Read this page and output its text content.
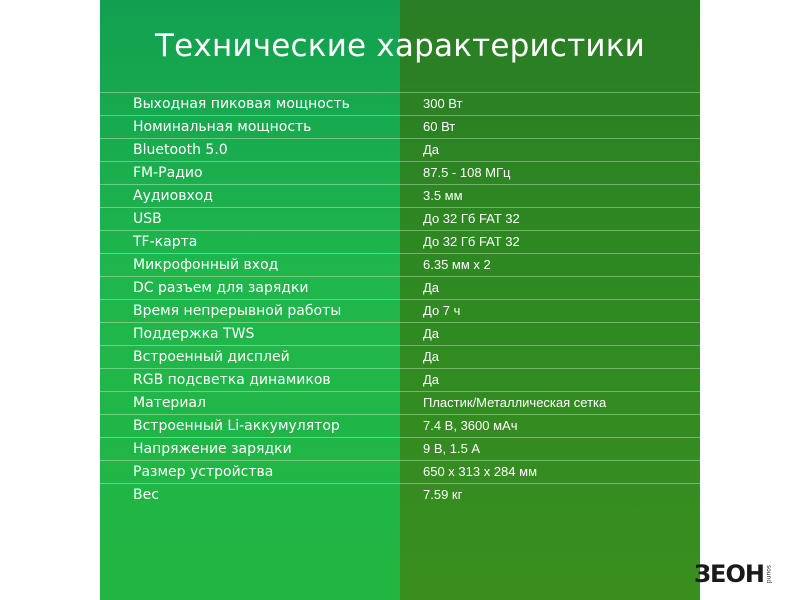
Технические характеристики
Выходная пиковая мощность	300 Вт
Номинальная мощность	60 Вт
Bluetooth 5.0	Да
FM-Радио	87.5 - 108 МГц
Аудиовход	3.5 мм
USB	До 32 Гб FAT 32
TF-карта	До 32 Гб FAT 32
Микрофонный вход	6.35 мм x 2
DC разъем для зарядки	Да
Время непрерывной работы	До 7 ч
Поддержка TWS	Да
Встроенный дисплей	Да
RGB подсветка динамиков	Да
Материал	Пластик/Металлическая сетка
Встроенный Li-аккумулятор	7.4 В, 3600 мАч
Напряжение зарядки	9 В, 1.5 А
Размер устройства	650 x 313 x 284 мм
Вес	7.59 кг
ЗЕОН sound
